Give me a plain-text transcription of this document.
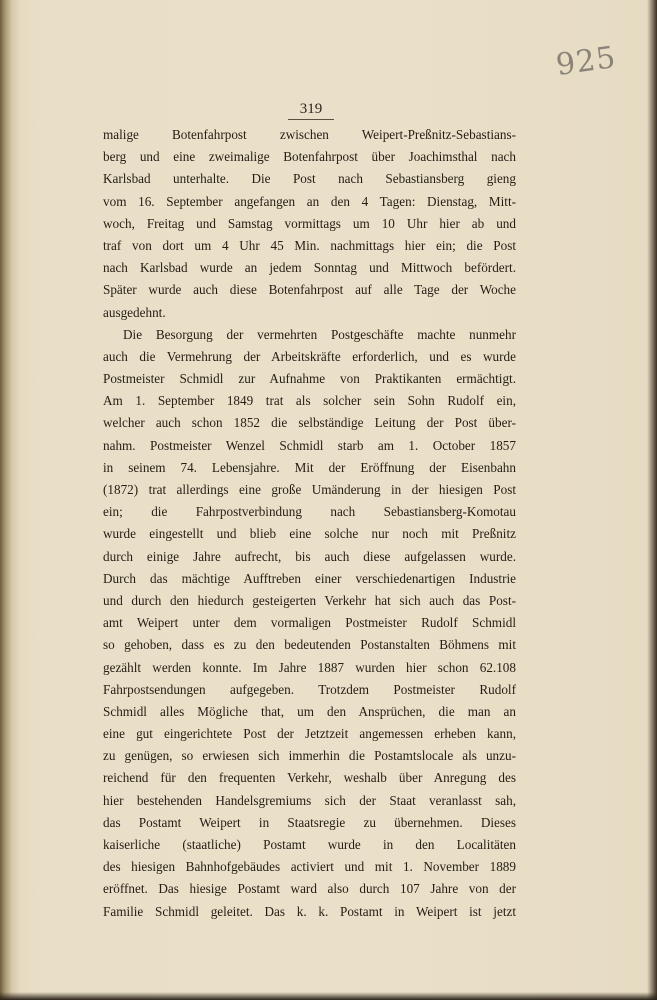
925
319
malige Botenfahrpost zwischen Weipert-Preßnitz-Sebastians-
berg und eine zweimalige Botenfahrpost über Joachimsthal nach
Karlsbad unterhalte. Die Post nach Sebastiansberg gieng
vom 16. September angefangen an den 4 Tagen: Dienstag, Mitt-
woch, Freitag und Samstag vormittags um 10 Uhr hier ab und
traf von dort um 4 Uhr 45 Min. nachmittags hier ein; die Post
nach Karlsbad wurde an jedem Sonntag und Mittwoch befördert.
Später wurde auch diese Botenfahrpost auf alle Tage der Woche
ausgedehnt.
Die Besorgung der vermehrten Postgeschäfte machte nunmehr
auch die Vermehrung der Arbeitskräfte erforderlich, und es wurde
Postmeister Schmidl zur Aufnahme von Praktikanten ermächtigt.
Am 1. September 1849 trat als solcher sein Sohn Rudolf ein,
welcher auch schon 1852 die selbständige Leitung der Post über-
nahm. Postmeister Wenzel Schmidl starb am 1. October 1857
in seinem 74. Lebensjahre. Mit der Eröffnung der Eisenbahn
(1872) trat allerdings eine große Umänderung in der hiesigen Post
ein; die Fahrpostverbindung nach Sebastiansberg-Komotau
wurde eingestellt und blieb eine solche nur noch mit Preßnitz
durch einige Jahre aufrecht, bis auch diese aufgelassen wurde.
Durch das mächtige Aufftreben einer verschiedenartigen Industrie
und durch den hiedurch gesteigerten Verkehr hat sich auch das Post-
amt Weipert unter dem vormaligen Postmeister Rudolf Schmidl
so gehoben, dass es zu den bedeutenden Postanstalten Böhmens mit
gezählt werden konnte. Im Jahre 1887 wurden hier schon 62.108
Fahrpostsendungen aufgegeben. Trotzdem Postmeister Rudolf
Schmidl alles Mögliche that, um den Ansprüchen, die man an
eine gut eingerichtete Post der Jetztzeit angemessen erheben kann,
zu genügen, so erwiesen sich immerhin die Postamtslocale als unzu-
reichend für den frequenten Verkehr, weshalb über Anregung des
hier bestehenden Handelsgremiums sich der Staat veranlasst sah,
das Postamt Weipert in Staatsregie zu übernehmen. Dieses
kaiserliche (staatliche) Postamt wurde in den Localitäten
des hiesigen Bahnhofgebäudes activiert und mit 1. November 1889
eröffnet. Das hiesige Postamt ward also durch 107 Jahre von der
Familie Schmidl geleitet. Das k. k. Postamt in Weipert ist jetzt
